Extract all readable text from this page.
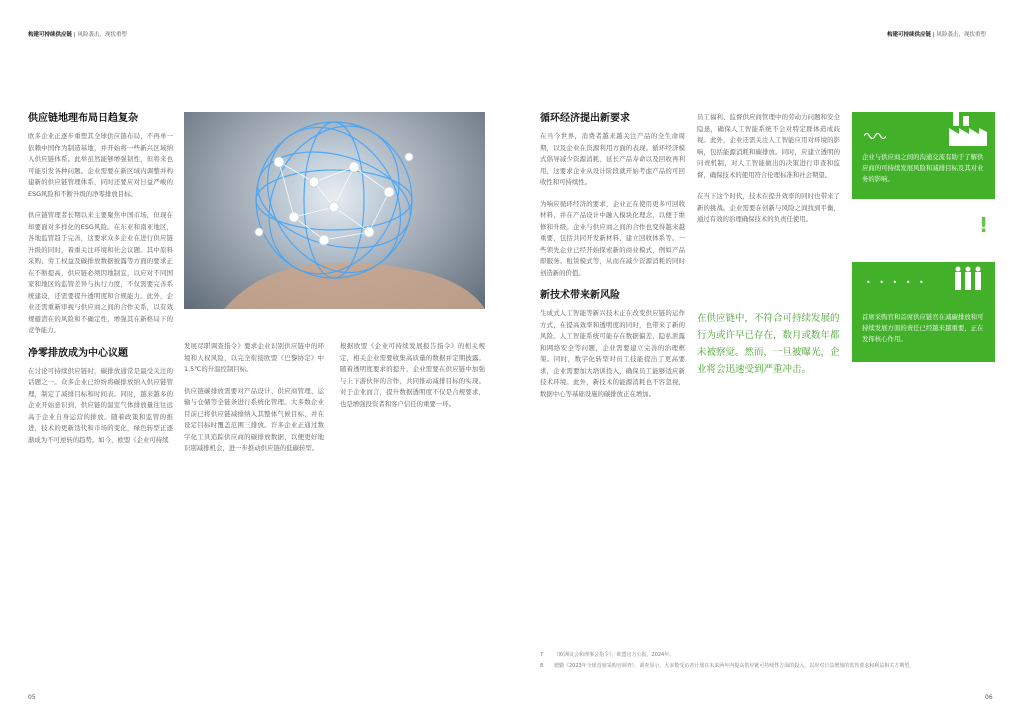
构建可持续供应链 | 风险袭击，现状重塑
供应链地理布局日趋复杂

欧多企业正逐步重塑其全球供应链布局，不再单一依赖中国作为制造基地，并开始将一些新兴区域纳入供应链体系。此举虽然能够增强韧性，但将来也可能引发各种问题。企业需要在新区域内调整并构建新的供应链管理体系，同时还要应对日益严峻的ESG风险和不断升级的净零排放目标。

供应链管理者长期以来主要聚焦中国市场，但现在却要面对多样化的ESG风险。在东亚和南亚地区，各地监管趋于完善，这要求众多企业在进行供应链升级的同时，着重关注环境和社会议题。其中原料采购、劳工权益及碳排放数据披露等方面的要求正在不断提高，供应链必须因地制宜，以应对不同国家和地区的监管差异与执行力度，不仅需要完善系统建设，还需要提升透明度和合规能力。此外，企业还需重新审视与供应商之间的合作关系，以有效规避潜在的风险和不确定性，增强其在新格局下的竞争能力。

净零排放成为中心议题

在讨论可持续供应链时，碳排放通常是最受关注的话题之一。众多企业已纷纷将碳排放纳入供应链管理，制定了减排目标和时间表。同时，越来越多的企业开始意识到，供应链的温室气体排放量往往远高于企业自身运营的排放。随着政策和监管的推进，技术的更新迭代和市场的变化，绿色转型正逐渐成为不可逆转的趋势。如今，欧盟《企业可持续

发展尽职调查指令》要求企业识别供应链中的环境和人权风险，以完全衔接欧盟《巴黎协定》中1.5℃的升温控制目标。

供应链碳排放需要对产品设计、供应商管理、运输与仓储等全链条进行系统化管理。大多数企业目前已将供应链减排纳入其整体气候目标，并在设定目标时覆盖范围三排放。许多企业正通过数字化工具追踪供应商的碳排放数据，以便更好地识别减排机会，进一步推动供应链的低碳转型。

根据欧盟《企业可持续发展报告指令》的相关规定，相关企业需要收集高质量的数据并定期披露。随着透明度要求的提升，企业需要在供应链中加强与上下游伙伴的合作，共同推动减排目标的实现。对于企业而言，提升数据透明度不仅是合规要求，也是增强投资者和客户信任的重要一环。

05
构建可持续供应链 | 风险袭击，现状重塑
06
循环经济提出新要求

在当今世界，消费者越来越关注产品的全生命周期，以及企业在资源利用方面的表现。循环经济模式倡导减少资源消耗、延长产品寿命以及回收再利用，这要求企业从设计阶段就开始考虑产品的可回收性和可持续性。

为响应循环经济的要求，企业正在使用更多可回收材料，并在产品设计中融入模块化理念，以便于维修和升级。企业与供应商之间的合作也变得越来越重要，包括共同开发新材料、建立回收体系等。一些领先企业已经开始探索新的商业模式，例如产品即服务、租赁模式等，从而在减少资源消耗的同时创造新的价值。

新技术带来新风险

生成式人工智能等新兴技术正在改变供应链的运作方式，在提高效率和透明度的同时，也带来了新的风险。人工智能系统可能存在数据偏差、隐私泄露和网络安全等问题，企业需要建立完善的治理框架。同时，数字化转型对员工技能提出了更高要求，企业需要加大培训投入，确保员工能够适应新技术环境。此外，新技术的能源消耗也不容忽视，数据中心等基础设施的碳排放正在增加。

员工福利、监督供应商管理中的劳动力问题和安全隐患，确保人工智能系统不会对特定群体造成歧视。此外，企业还需关注人工智能应用对环境的影响，包括能源消耗和碳排放。同时，应建立透明的问责机制，对人工智能做出的决策进行审查和监督，确保技术的使用符合伦理标准和社会期望。

在当下这个时代，技术在提升效率的同时也带来了新的挑战。企业需要在创新与风险之间找到平衡，通过有效的治理确保技术的负责任使用。

在供应链中，不符合可持续发展的行为或许早已存在，数月或数年都未被察觉。然而，一旦被曝光，企业将会迅速受到严重冲击。
企业与供应商之间的沟通交流有助于了解供应商的可持续发展风险和减排目标及其对业务的影响。
!
• • • • •
首席采购官和首席供应链官在减碳排放和可持续发展方面的责任已经越来越重要，正在发挥核心作用。
7 《欧洲议会和理事会指令》，欧盟官方公报，2024年。
8 德勤《2023年全球首席采购官调查》，调查显示，大多数受访者计划在未来两年内提高供应链可持续性方面的投入，以应对日益增加的监管要求和利益相关方期望。
